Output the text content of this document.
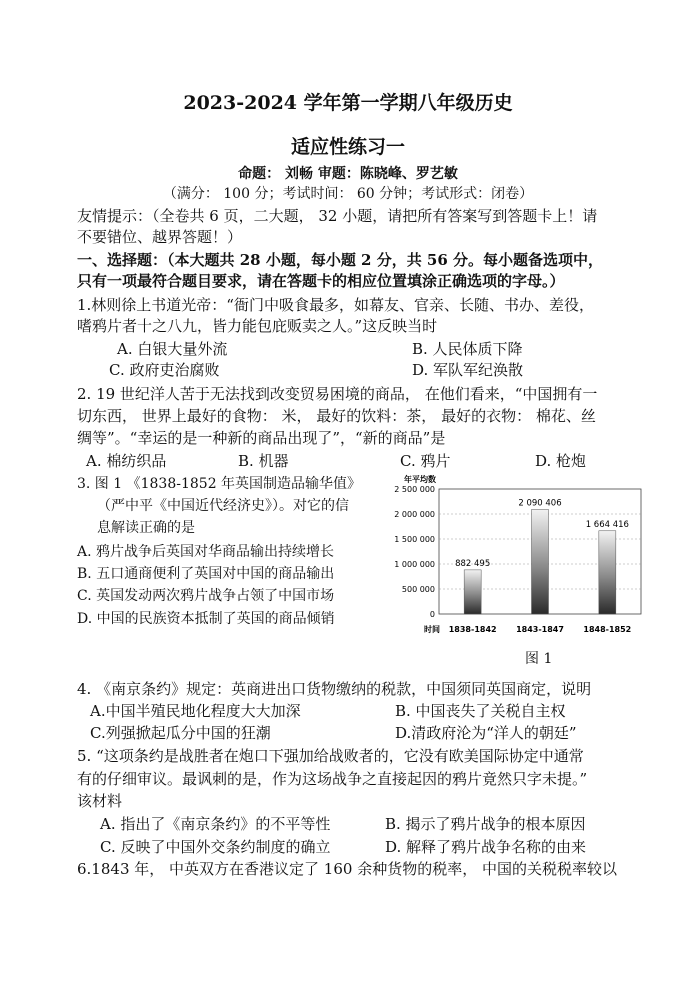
2023-2024 学年第一学期八年级历史
适应性练习一
命题： 刘畅 审题：陈晓峰、罗艺敏
（满分： 100 分；考试时间： 60 分钟；考试形式：闭卷）
友情提示：（全卷共 6 页，二大题， 32 小题，请把所有答案写到答题卡上！请
不要错位、越界答题！）
一、选择题：（本大题共 28 小题，每小题 2 分，共 56 分。每小题备选项中，
只有一项最符合题目要求，请在答题卡的相应位置填涂正确选项的字母。）
1.林则徐上书道光帝：“衙门中吸食最多，如幕友、官亲、长随、书办、差役，
嗜鸦片者十之八九，皆力能包庇贩卖之人。”这反映当时
A. 白银大量外流	B. 人民体质下降
C. 政府吏治腐败	D. 军队军纪涣散
2. 19 世纪洋人苦于无法找到改变贸易困境的商品， 在他们看来，“中国拥有一
切东西， 世界上最好的食物： 米， 最好的饮料：茶， 最好的衣物： 棉花、丝
绸等”。“幸运的是一种新的商品出现了”，“新的商品”是
A. 棉纺织品	B. 机器	C. 鸦片	D. 枪炮
3. 图 1 《1838-1852 年英国制造品输华值》
（严中平《中国近代经济史》）。对它的信
息解读正确的是
A. 鸦片战争后英国对华商品输出持续增长
B. 五口通商便利了英国对中国的商品输出
C. 英国发动两次鸦片战争占领了中国市场
D. 中国的民族资本抵制了英国的商品倾销
年平均数
0
500 000
1 000 000
1 500 000
2 000 000
2 500 000
882 495
2 090 406
1 664 416
1838-1842 1843-1847 1848-1852
时间
图 1
4. 《南京条约》规定：英商进出口货物缴纳的税款，中国须同英国商定，说明
A.中国半殖民地化程度大大加深	B. 中国丧失了关税自主权
C.列强掀起瓜分中国的狂潮	D.清政府沦为“洋人的朝廷”
5. “这项条约是战胜者在炮口下强加给战败者的，它没有欧美国际协定中通常
有的仔细审议。最讽刺的是，作为这场战争之直接起因的鸦片竟然只字未提。”
该材料
A. 指出了《南京条约》的不平等性	B. 揭示了鸦片战争的根本原因
C. 反映了中国外交条约制度的确立	D. 解释了鸦片战争名称的由来
6.1843 年， 中英双方在香港议定了 160 余种货物的税率， 中国的关税税率较以
